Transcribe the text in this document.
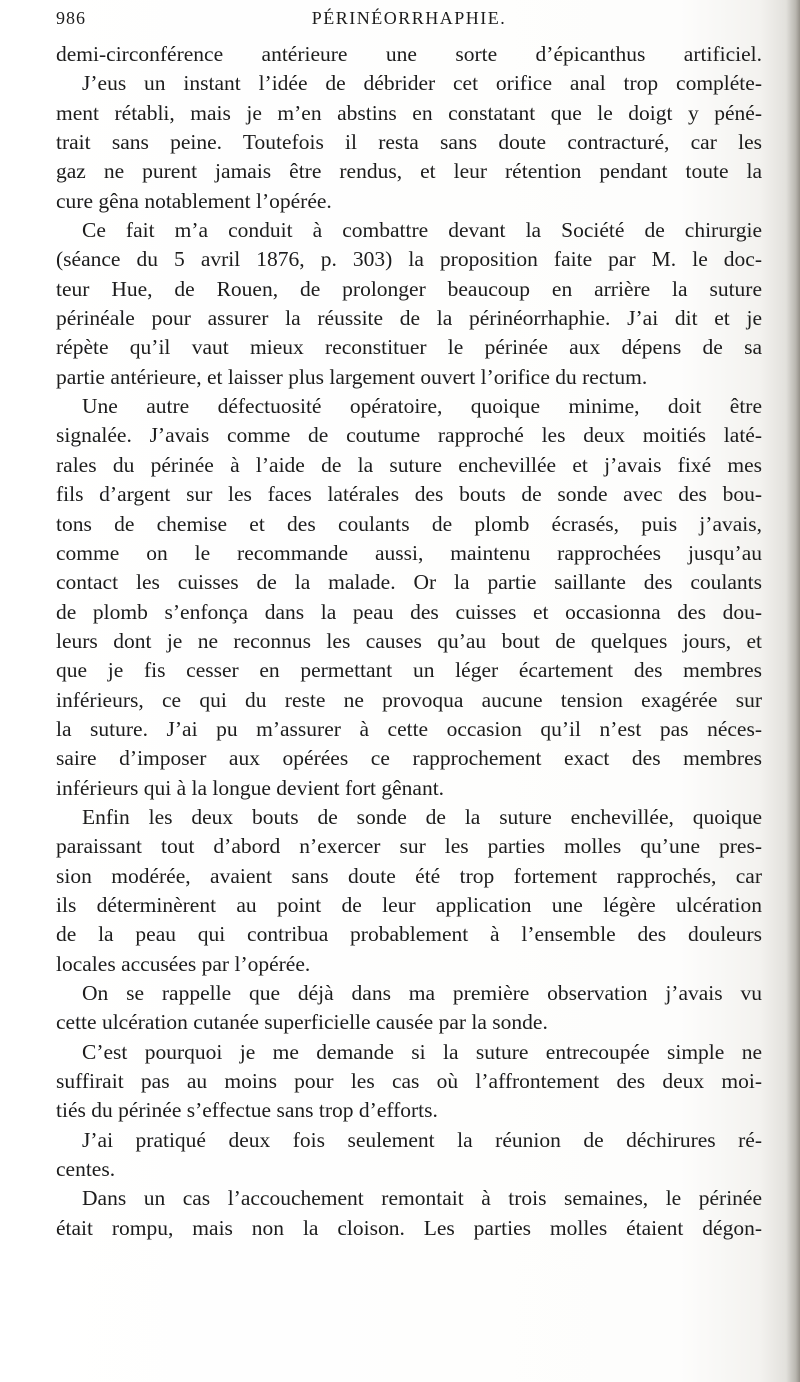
986	PÉRINÉORRHAPHIE.
demi-circonférence antérieure une sorte d’épicanthus artificiel.
J’eus un instant l’idée de débrider cet orifice anal trop compléte-
ment rétabli, mais je m’en abstins en constatant que le doigt y péné-
trait sans peine. Toutefois il resta sans doute contracturé, car les
gaz ne purent jamais être rendus, et leur rétention pendant toute la
cure gêna notablement l’opérée.
Ce fait m’a conduit à combattre devant la Société de chirurgie
(séance du 5 avril 1876, p. 303) la proposition faite par M. le doc-
teur Hue, de Rouen, de prolonger beaucoup en arrière la suture
périnéale pour assurer la réussite de la périnéorrhaphie. J’ai dit et je
répète qu’il vaut mieux reconstituer le périnée aux dépens de sa
partie antérieure, et laisser plus largement ouvert l’orifice du rectum.
Une autre défectuosité opératoire, quoique minime, doit être
signalée. J’avais comme de coutume rapproché les deux moitiés laté-
rales du périnée à l’aide de la suture enchevillée et j’avais fixé mes
fils d’argent sur les faces latérales des bouts de sonde avec des bou-
tons de chemise et des coulants de plomb écrasés, puis j’avais,
comme on le recommande aussi, maintenu rapprochées jusqu’au
contact les cuisses de la malade. Or la partie saillante des coulants
de plomb s’enfonça dans la peau des cuisses et occasionna des dou-
leurs dont je ne reconnus les causes qu’au bout de quelques jours, et
que je fis cesser en permettant un léger écartement des membres
inférieurs, ce qui du reste ne provoqua aucune tension exagérée sur
la suture. J’ai pu m’assurer à cette occasion qu’il n’est pas néces-
saire d’imposer aux opérées ce rapprochement exact des membres
inférieurs qui à la longue devient fort gênant.
Enfin les deux bouts de sonde de la suture enchevillée, quoique
paraissant tout d’abord n’exercer sur les parties molles qu’une pres-
sion modérée, avaient sans doute été trop fortement rapprochés, car
ils déterminèrent au point de leur application une légère ulcération
de la peau qui contribua probablement à l’ensemble des douleurs
locales accusées par l’opérée.
On se rappelle que déjà dans ma première observation j’avais vu
cette ulcération cutanée superficielle causée par la sonde.
C’est pourquoi je me demande si la suture entrecoupée simple ne
suffirait pas au moins pour les cas où l’affrontement des deux moi-
tiés du périnée s’effectue sans trop d’efforts.
J’ai pratiqué deux fois seulement la réunion de déchirures ré-
centes.
Dans un cas l’accouchement remontait à trois semaines, le périnée
était rompu, mais non la cloison. Les parties molles étaient dégon-
